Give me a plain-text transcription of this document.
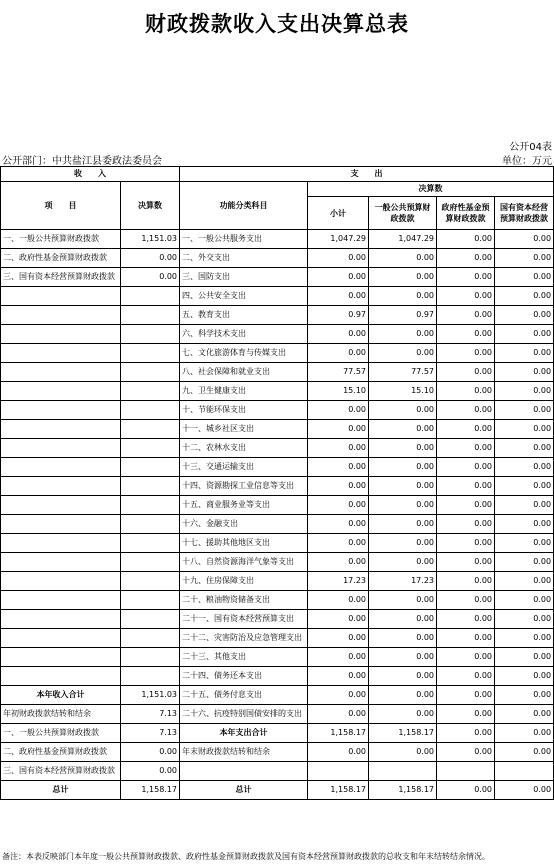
财政拨款收入支出决算总表
公开04表
公开部门：中共盐江县委政法委员会	单位：万元
收　　入		支　　出				
项　　目	决算数	功能分类科目	决算数			
			小计	一般公共预算财政拨款	政府性基金预算财政拨款	国有资本经营预算财政拨款
一、一般公共预算财政拨款	1,151.03	一、一般公共服务支出	1,047.29	1,047.29	0.00	0.00
二、政府性基金预算财政拨款	0.00	二、外交支出	0.00	0.00	0.00	0.00
三、国有资本经营预算财政拨款	0.00	三、国防支出	0.00	0.00	0.00	0.00
		四、公共安全支出	0.00	0.00	0.00	0.00
		五、教育支出	0.97	0.97	0.00	0.00
		六、科学技术支出	0.00	0.00	0.00	0.00
		七、文化旅游体育与传媒支出	0.00	0.00	0.00	0.00
		八、社会保障和就业支出	77.57	77.57	0.00	0.00
		九、卫生健康支出	15.10	15.10	0.00	0.00
		十、节能环保支出	0.00	0.00	0.00	0.00
		十一、城乡社区支出	0.00	0.00	0.00	0.00
		十二、农林水支出	0.00	0.00	0.00	0.00
		十三、交通运输支出	0.00	0.00	0.00	0.00
		十四、资源勘探工业信息等支出	0.00	0.00	0.00	0.00
		十五、商业服务业等支出	0.00	0.00	0.00	0.00
		十六、金融支出	0.00	0.00	0.00	0.00
		十七、援助其他地区支出	0.00	0.00	0.00	0.00
		十八、自然资源海洋气象等支出	0.00	0.00	0.00	0.00
		十九、住房保障支出	17.23	17.23	0.00	0.00
		二十、粮油物资储备支出	0.00	0.00	0.00	0.00
		二十一、国有资本经营预算支出	0.00	0.00	0.00	0.00
		二十二、灾害防治及应急管理支出	0.00	0.00	0.00	0.00
		二十三、其他支出	0.00	0.00	0.00	0.00
		二十四、债务还本支出	0.00	0.00	0.00	0.00
本年收入合计	1,151.03	二十五、债务付息支出	0.00	0.00	0.00	0.00
年初财政拨款结转和结余	7.13	二十六、抗疫特别国债安排的支出	0.00	0.00	0.00	0.00
一、一般公共预算财政拨款	7.13	本年支出合计	1,158.17	1,158.17	0.00	0.00
二、政府性基金预算财政拨款	0.00	年末财政拨款结转和结余	0.00	0.00	0.00	0.00
三、国有资本经营预算财政拨款	0.00					
总计	1,158.17	总计	1,158.17	1,158.17	0.00	0.00
备注：本表反映部门本年度一般公共预算财政拨款、政府性基金预算财政拨款及国有资本经营预算财政拨款的总收支和年末结转结余情况。
